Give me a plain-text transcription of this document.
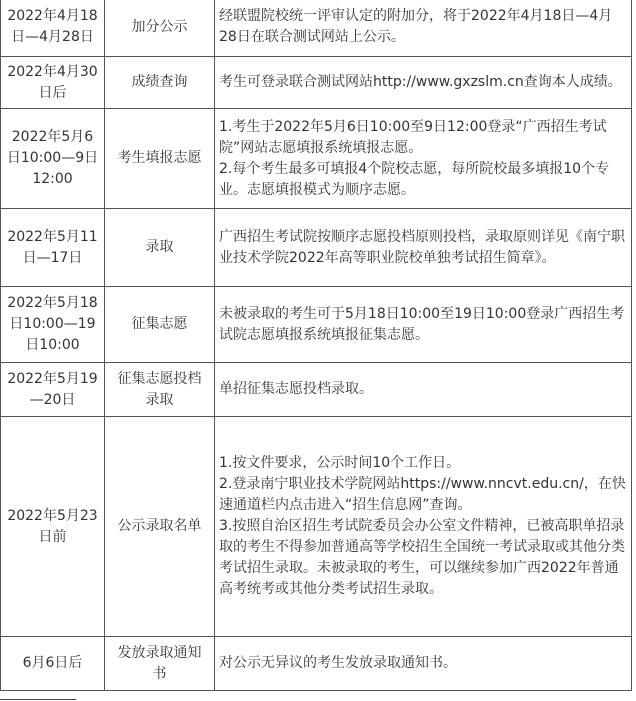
2022年4月18
日—4月28日	加分公示	经联盟院校统一评审认定的附加分，将于2022年4月18日—4月28日在联合测试网站上公示。

2022年4月30
日后	成绩查询	考生可登录联合测试网站http://www.gxzslm.cn查询本人成绩。

2022年5月6
日10:00—9日
12:00	考生填报志愿	1.考生于2022年5月6日10:00至9日12:00登录“广西招生考试院”网站志愿填报系统填报志愿。
2.每个考生最多可填报4个院校志愿，每所院校最多填报10个专业。志愿填报模式为顺序志愿。

2022年5月11
日—17日	录取	广西招生考试院按顺序志愿投档原则投档，录取原则详见《南宁职业技术学院2022年高等职业院校单独考试招生简章》。

2022年5月18
日10:00—19
日10:00	征集志愿	未被录取的考生可于5月18日10:00至19日10:00登录广西招生考试院志愿填报系统填报征集志愿。

2022年5月19
—20日	征集志愿投档
录取	单招征集志愿投档录取。

2022年5月23
日前	公示录取名单	1.按文件要求，公示时间10个工作日。
2.登录南宁职业技术学院网站https://www.nncvt.edu.cn/，在快速通道栏内点击进入“招生信息网”查询。
3.按照自治区招生考试院委员会办公室文件精神，已被高职单招录取的考生不得参加普通高等学校招生全国统一考试录取或其他分类考试招生录取。未被录取的考生，可以继续参加广西2022年普通高考统考或其他分类考试招生录取。

6月6日后	发放录取通知
书	对公示无异议的考生发放录取通知书。
